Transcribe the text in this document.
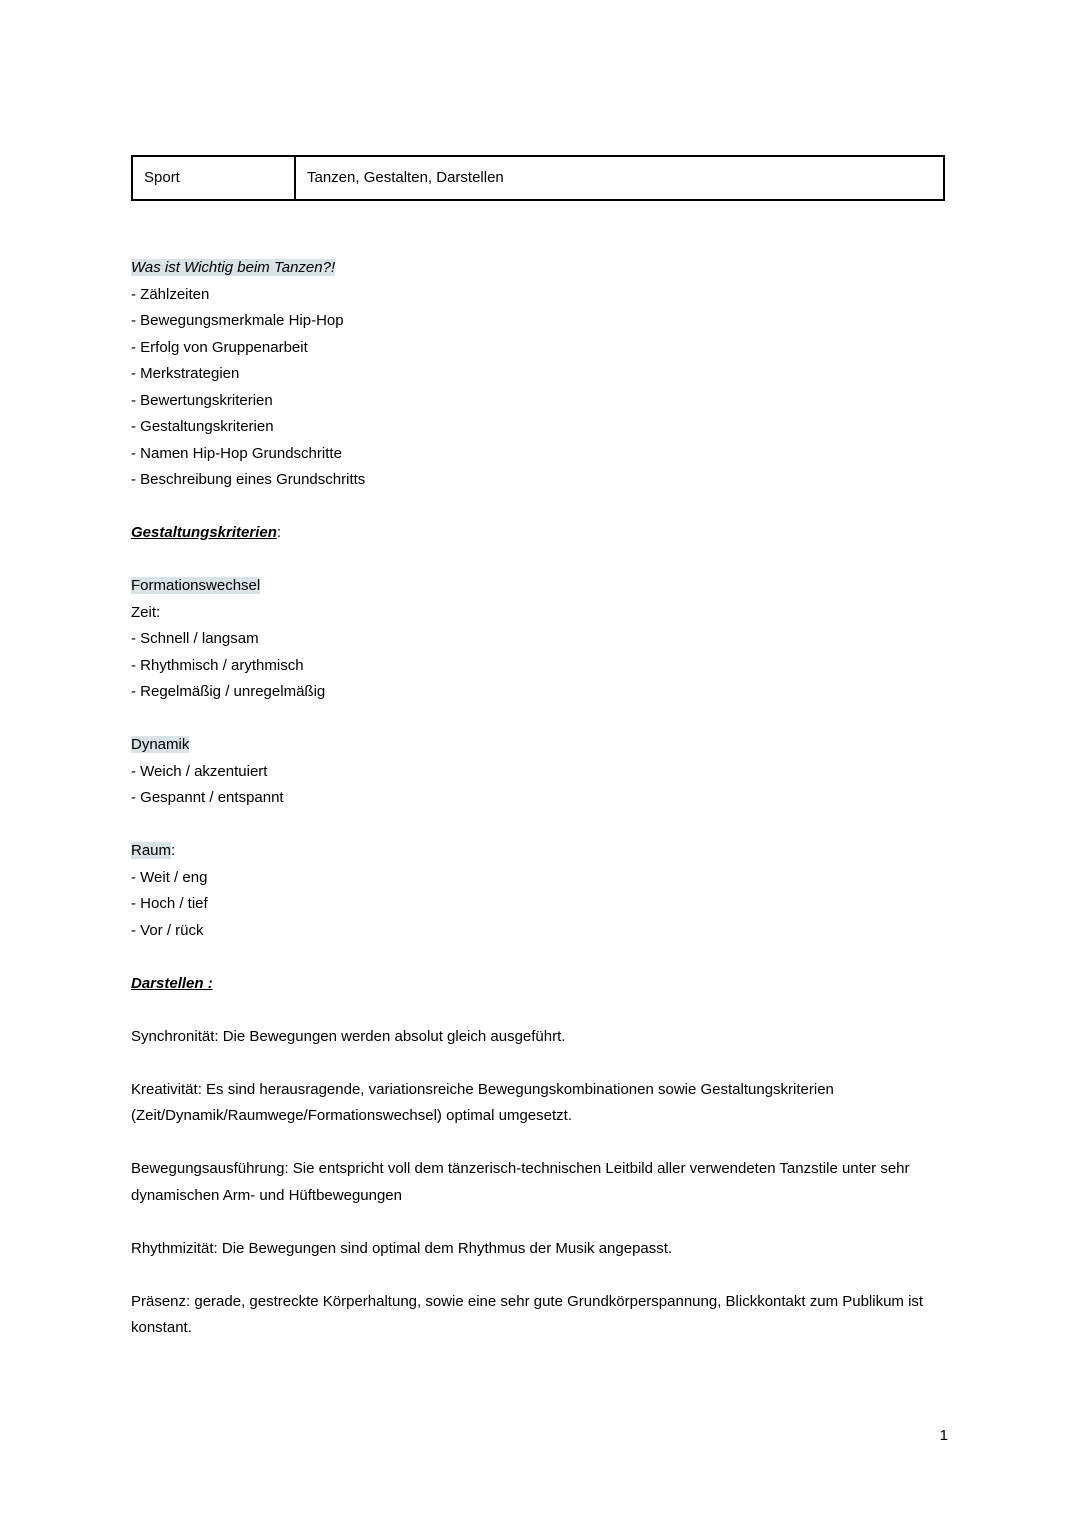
Sport	Tanzen, Gestalten, Darstellen
Was ist Wichtig beim Tanzen?!
- Zählzeiten
- Bewegungsmerkmale Hip-Hop
- Erfolg von Gruppenarbeit
- Merkstrategien
- Bewertungskriterien
- Gestaltungskriterien
- Namen Hip-Hop Grundschritte
- Beschreibung eines Grundschritts
Gestaltungskriterien:
Formationswechsel
Zeit:
- Schnell / langsam
- Rhythmisch / arythmisch
- Regelmäßig / unregelmäßig
Dynamik
- Weich / akzentuiert
- Gespannt / entspannt
Raum:
- Weit / eng
- Hoch / tief
- Vor / rück
Darstellen :
Synchronität: Die Bewegungen werden absolut gleich ausgeführt.
Kreativität: Es sind herausragende, variationsreiche Bewegungskombinationen sowie Gestaltungskriterien (Zeit/Dynamik/Raumwege/Formationswechsel) optimal umgesetzt.
Bewegungsausführung: Sie entspricht voll dem tänzerisch-technischen Leitbild aller verwendeten Tanzstile unter sehr dynamischen Arm- und Hüftbewegungen
Rhythmizität: Die Bewegungen sind optimal dem Rhythmus der Musik angepasst.
Präsenz: gerade, gestreckte Körperhaltung, sowie eine sehr gute Grundkörperspannung, Blickkontakt zum Publikum ist konstant.
1
